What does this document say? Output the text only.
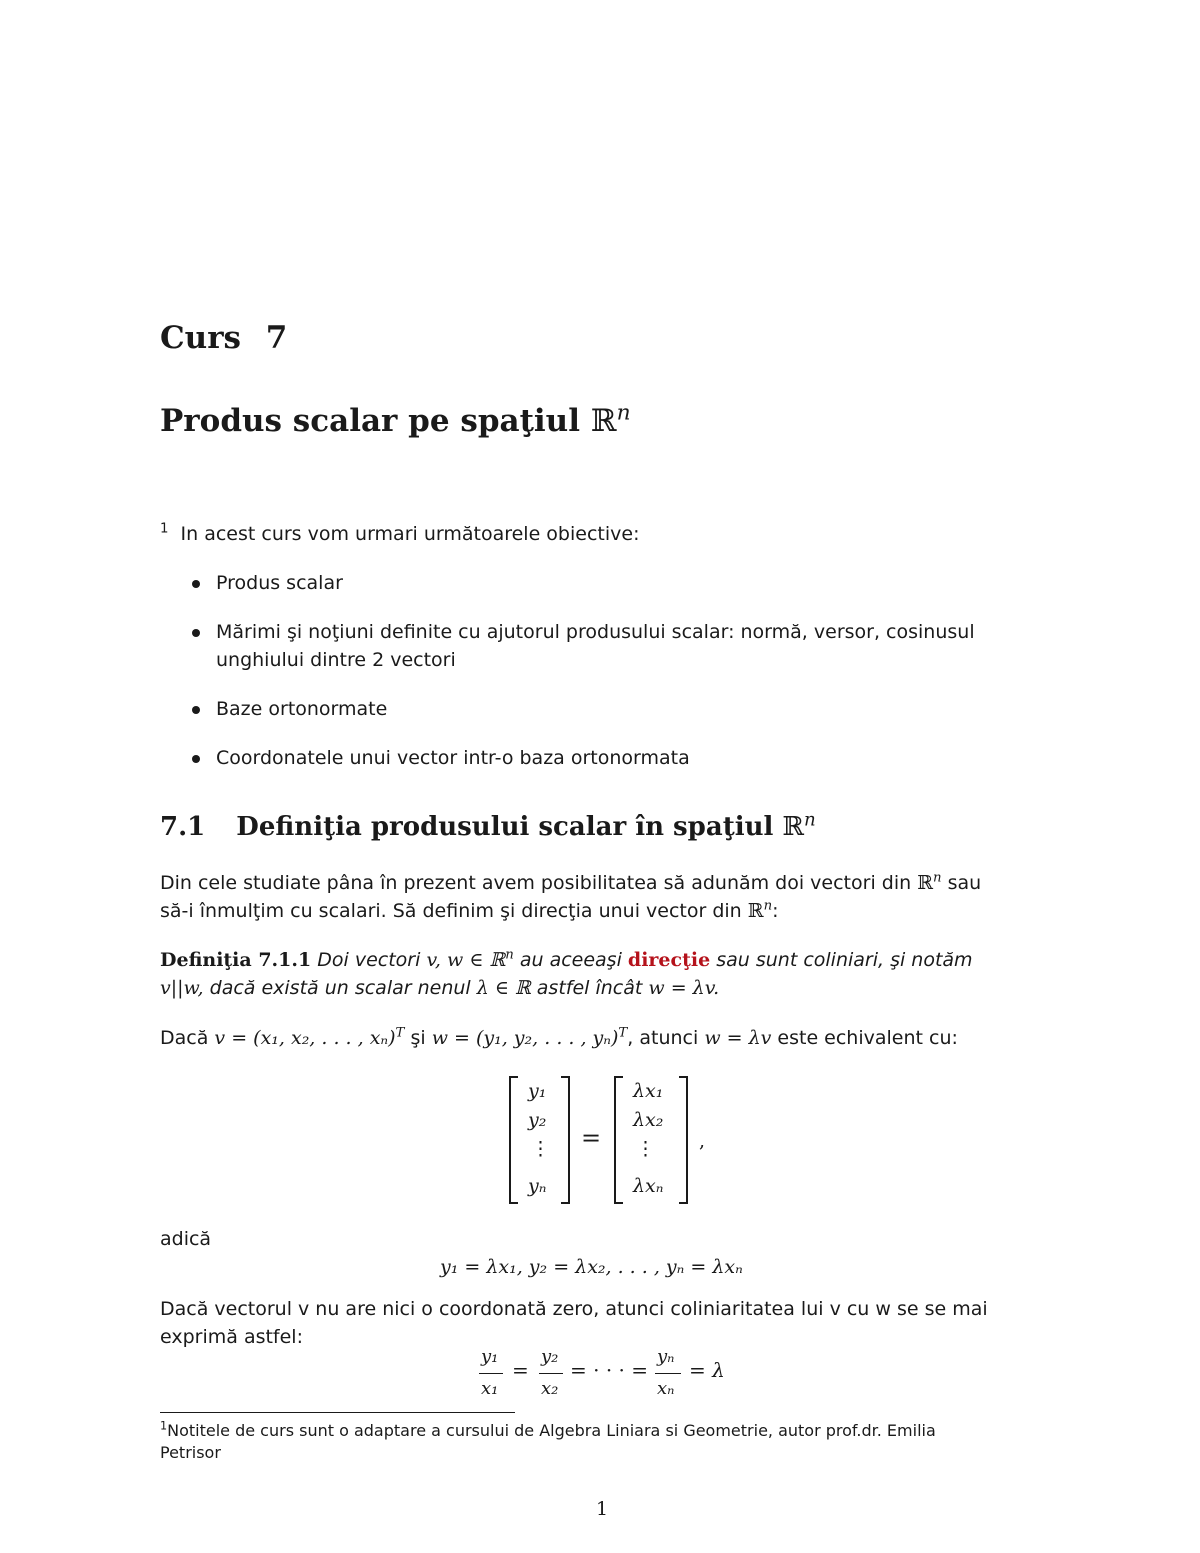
Curs 7
Produs scalar pe spaţiul ℝ$^n$
$^1$ In acest curs vom urmari următoarele obiective:
Produs scalar
Mărimi şi noţiuni definite cu ajutorul produsului scalar: normă, versor, cosinusul
unghiului dintre 2 vectori
Baze ortonormate
Coordonatele unui vector intr-o baza ortonormata
7.1 Definiţia produsului scalar în spaţiul ℝ$^n$
Din cele studiate pâna în prezent avem posibilitatea să adunăm doi vectori din ℝ$^n$ sau
să-i înmulţim cu scalari. Să definim şi direcţia unui vector din ℝ$^n$:
Definiţia 7.1.1 Doi vectori v, w ∈ ℝ$^n$ au aceeaşi direcţie sau sunt coliniari, şi notăm
v||w, dacă există un scalar nenul λ ∈ ℝ astfel încât w = λv.
Dacă v = (x₁, x₂, . . . , xₙ)$^T$ şi w = (y₁, y₂, . . . , yₙ)$^T$, atunci w = λv este echivalent cu:
y₁
y₂
⋮
yₙ
=
λx₁
λx₂
⋮
λxₙ
,
adică
y₁ = λx₁, y₂ = λx₂, . . . , yₙ = λxₙ
Dacă vectorul v nu are nici o coordonată zero, atunci coliniaritatea lui v cu w se se mai
exprimă astfel:
y₁
x₁
=
y₂
x₂
= · · · =
yₙ
xₙ
= λ
$^1$Notitele de curs sunt o adaptare a cursului de Algebra Liniara si Geometrie, autor prof.dr. Emilia
Petrisor
1
